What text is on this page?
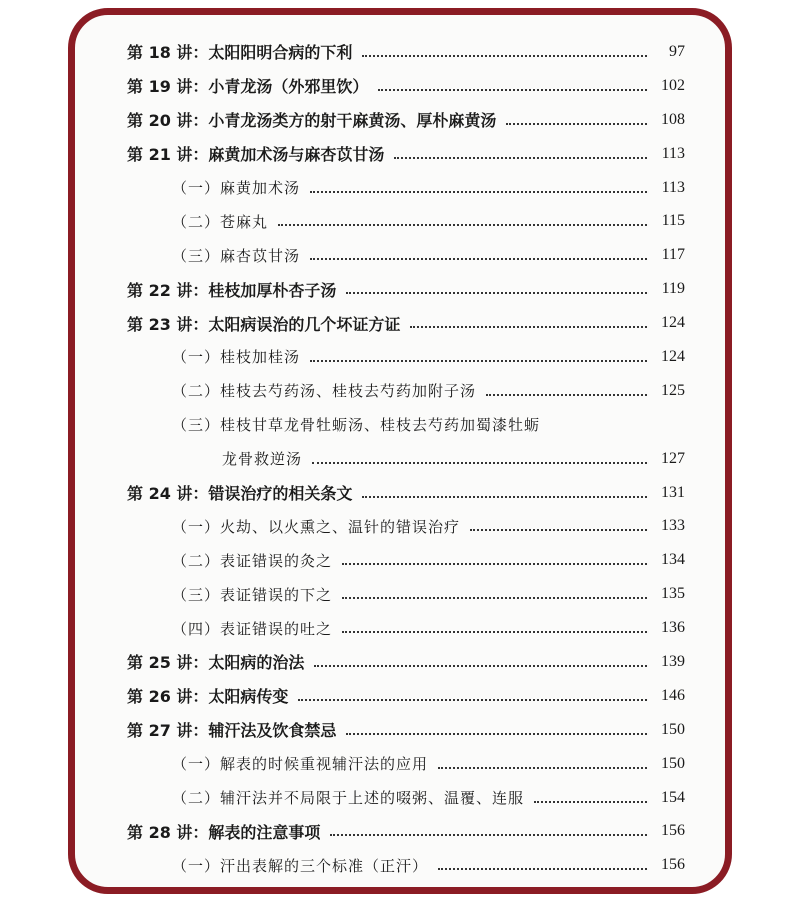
第 18 讲： 太阳阳明合病的下利	97
第 19 讲： 小青龙汤（外邪里饮）	102
第 20 讲： 小青龙汤类方的射干麻黄汤、厚朴麻黄汤	108
第 21 讲： 麻黄加术汤与麻杏苡甘汤	113
（一）麻黄加术汤	113
（二）苍麻丸	115
（三）麻杏苡甘汤	117
第 22 讲： 桂枝加厚朴杏子汤	119
第 23 讲： 太阳病误治的几个坏证方证	124
（一）桂枝加桂汤	124
（二）桂枝去芍药汤、桂枝去芍药加附子汤	125
（三）桂枝甘草龙骨牡蛎汤、桂枝去芍药加蜀漆牡蛎
龙骨救逆汤	127
第 24 讲： 错误治疗的相关条文	131
（一）火劫、以火熏之、温针的错误治疗	133
（二）表证错误的灸之	134
（三）表证错误的下之	135
（四）表证错误的吐之	136
第 25 讲： 太阳病的治法	139
第 26 讲： 太阳病传变	146
第 27 讲： 辅汗法及饮食禁忌	150
（一）解表的时候重视辅汗法的应用	150
（二）辅汗法并不局限于上述的啜粥、温覆、连服	154
第 28 讲： 解表的注意事项	156
（一）汗出表解的三个标准（正汗）	156
